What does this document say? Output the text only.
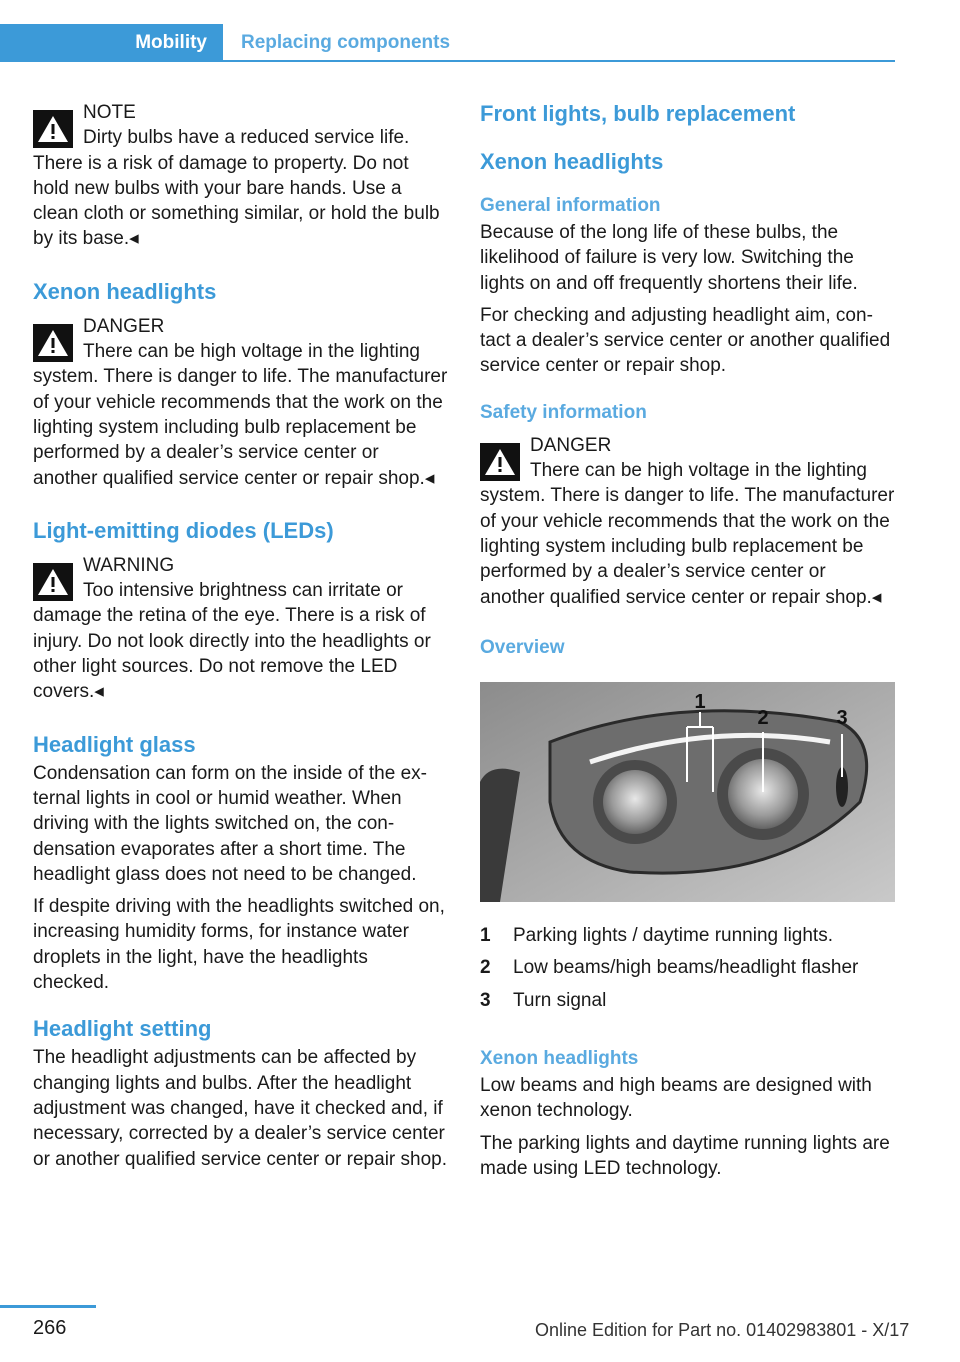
Mobility Replacing components
NOTE
Dirty bulbs have a reduced service life.
There is a risk of damage to property. Do not hold new bulbs with your bare hands. Use a clean cloth or something similar, or hold the bulb by its base.◂
Xenon headlights
DANGER
There can be high voltage in the lighting
system. There is danger to life. The manufacturer of your vehicle recommends that the work on the lighting system including bulb replacement be performed by a dealer’s service center or another qualified service center or repair shop.◂
Light-emitting diodes (LEDs)
WARNING
Too intensive brightness can irritate or
damage the retina of the eye. There is a risk of injury. Do not look directly into the headlights or other light sources. Do not remove the LED covers.◂
Headlight glass

Condensation can form on the inside of the external lights in cool or humid weather. When driving with the lights switched on, the condensation evaporates after a short time. The headlight glass does not need to be changed.

If despite driving with the headlights switched on, increasing humidity forms, for instance water droplets in the light, have the headlights checked.

Headlight setting

The headlight adjustments can be affected by changing lights and bulbs. After the headlight adjustment was changed, have it checked and, if necessary, corrected by a dealer’s service center or another qualified service center or repair shop.

Front lights, bulb replacement
Xenon headlights
General information

Because of the long life of these bulbs, the likelihood of failure is very low. Switching the lights on and off frequently shortens their life.

For checking and adjusting headlight aim, contact a dealer’s service center or another qualified service center or repair shop.

Safety information
DANGER
There can be high voltage in the lighting
system. There is danger to life. The manufacturer of your vehicle recommends that the work on the lighting system including bulb replacement be performed by a dealer’s service center or another qualified service center or repair shop.◂
Overview
1
2	3
1	Parking lights / daytime running lights.
2	Low beams/high beams/headlight flasher
3	Turn signal
Xenon headlights

Low beams and high beams are designed with xenon technology.

The parking lights and daytime running lights are made using LED technology.

266	Online Edition for Part no. 01402983801 - X/17
